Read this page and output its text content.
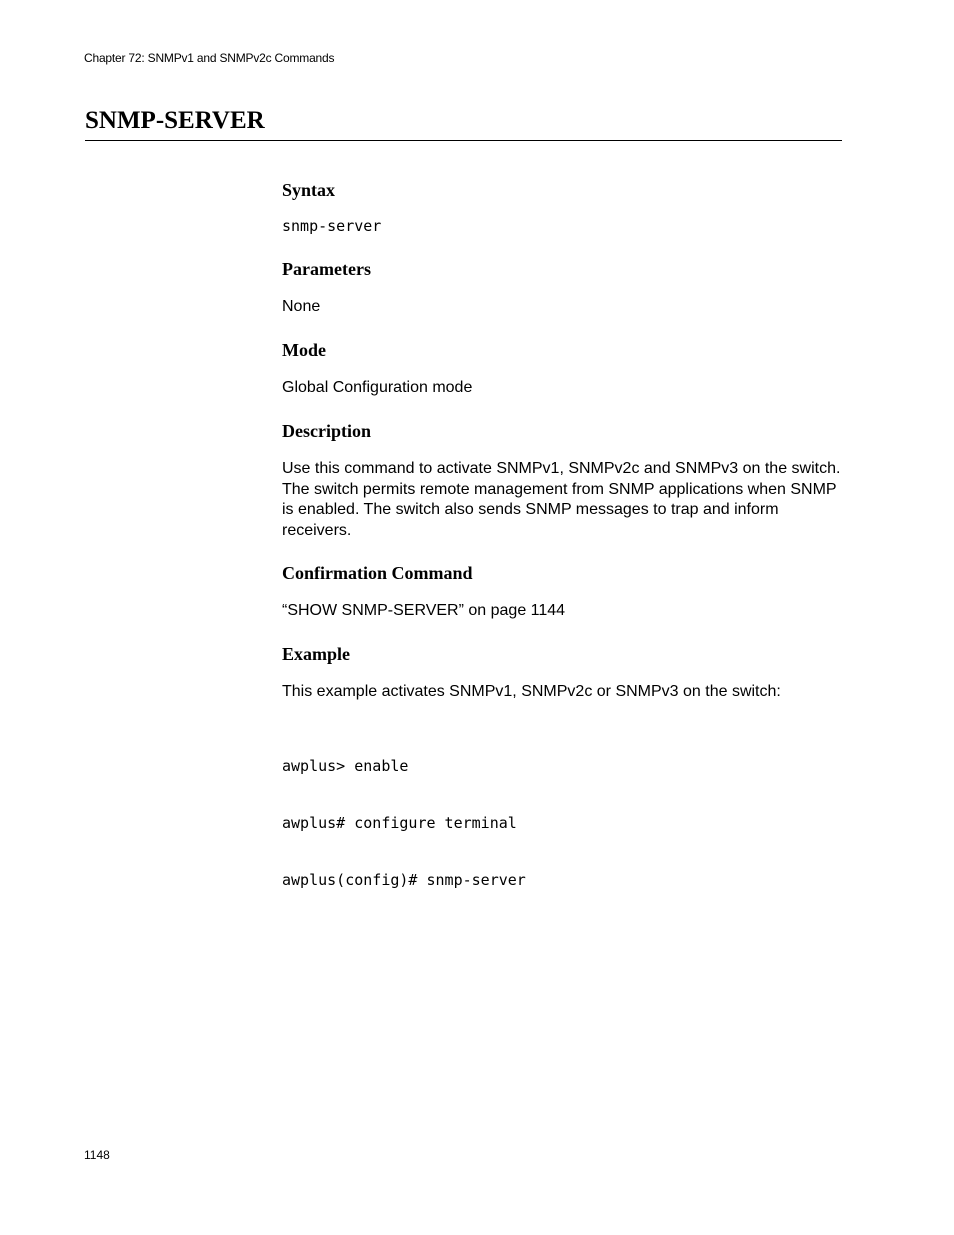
Chapter 72: SNMPv1 and SNMPv2c Commands
SNMP-SERVER
Syntax
snmp-server
Parameters

None

Mode

Global Configuration mode

Description

Use this command to activate SNMPv1, SNMPv2c and SNMPv3 on the switch. The switch permits remote management from SNMP applications when SNMP is enabled. The switch also sends SNMP messages to trap and inform receivers.

Confirmation Command

“SHOW SNMP-SERVER” on page 1144

Example

This example activates SNMPv1, SNMPv2c or SNMPv3 on the switch:

awplus> enable

awplus# configure terminal

awplus(config)# snmp-server

1148
